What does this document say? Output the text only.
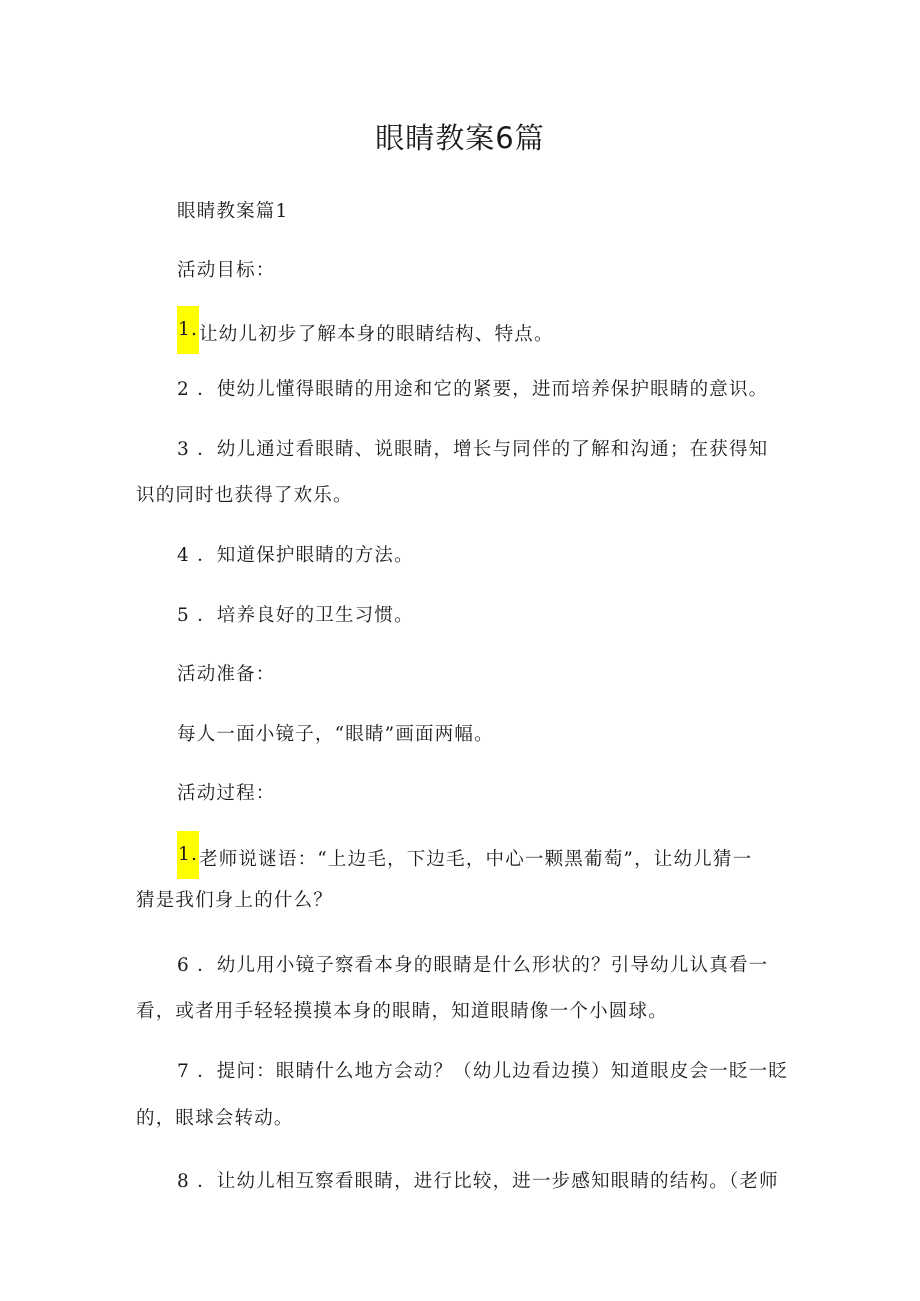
眼睛教案6篇
眼睛教案篇1
活动目标：
1.让幼儿初步了解本身的眼睛结构、特点。
2 ．使幼儿懂得眼睛的用途和它的紧要，进而培养保护眼睛的意识。
3 ．幼儿通过看眼睛、说眼睛，增长与同伴的了解和沟通；在获得知
识的同时也获得了欢乐。
4 ．知道保护眼睛的方法。
5 ．培养良好的卫生习惯。
活动准备：
每人一面小镜子，“眼睛”画面两幅。
活动过程：
1.老师说谜语：“上边毛，下边毛，中心一颗黑葡萄”，让幼儿猜一
猜是我们身上的什么？
6 ．幼儿用小镜子察看本身的眼睛是什么形状的？引导幼儿认真看一
看，或者用手轻轻摸摸本身的眼睛，知道眼睛像一个小圆球。
7 ．提问：眼睛什么地方会动？（幼儿边看边摸）知道眼皮会一眨一眨
的，眼球会转动。
8 ．让幼儿相互察看眼睛，进行比较，进一步感知眼睛的结构。（老师
